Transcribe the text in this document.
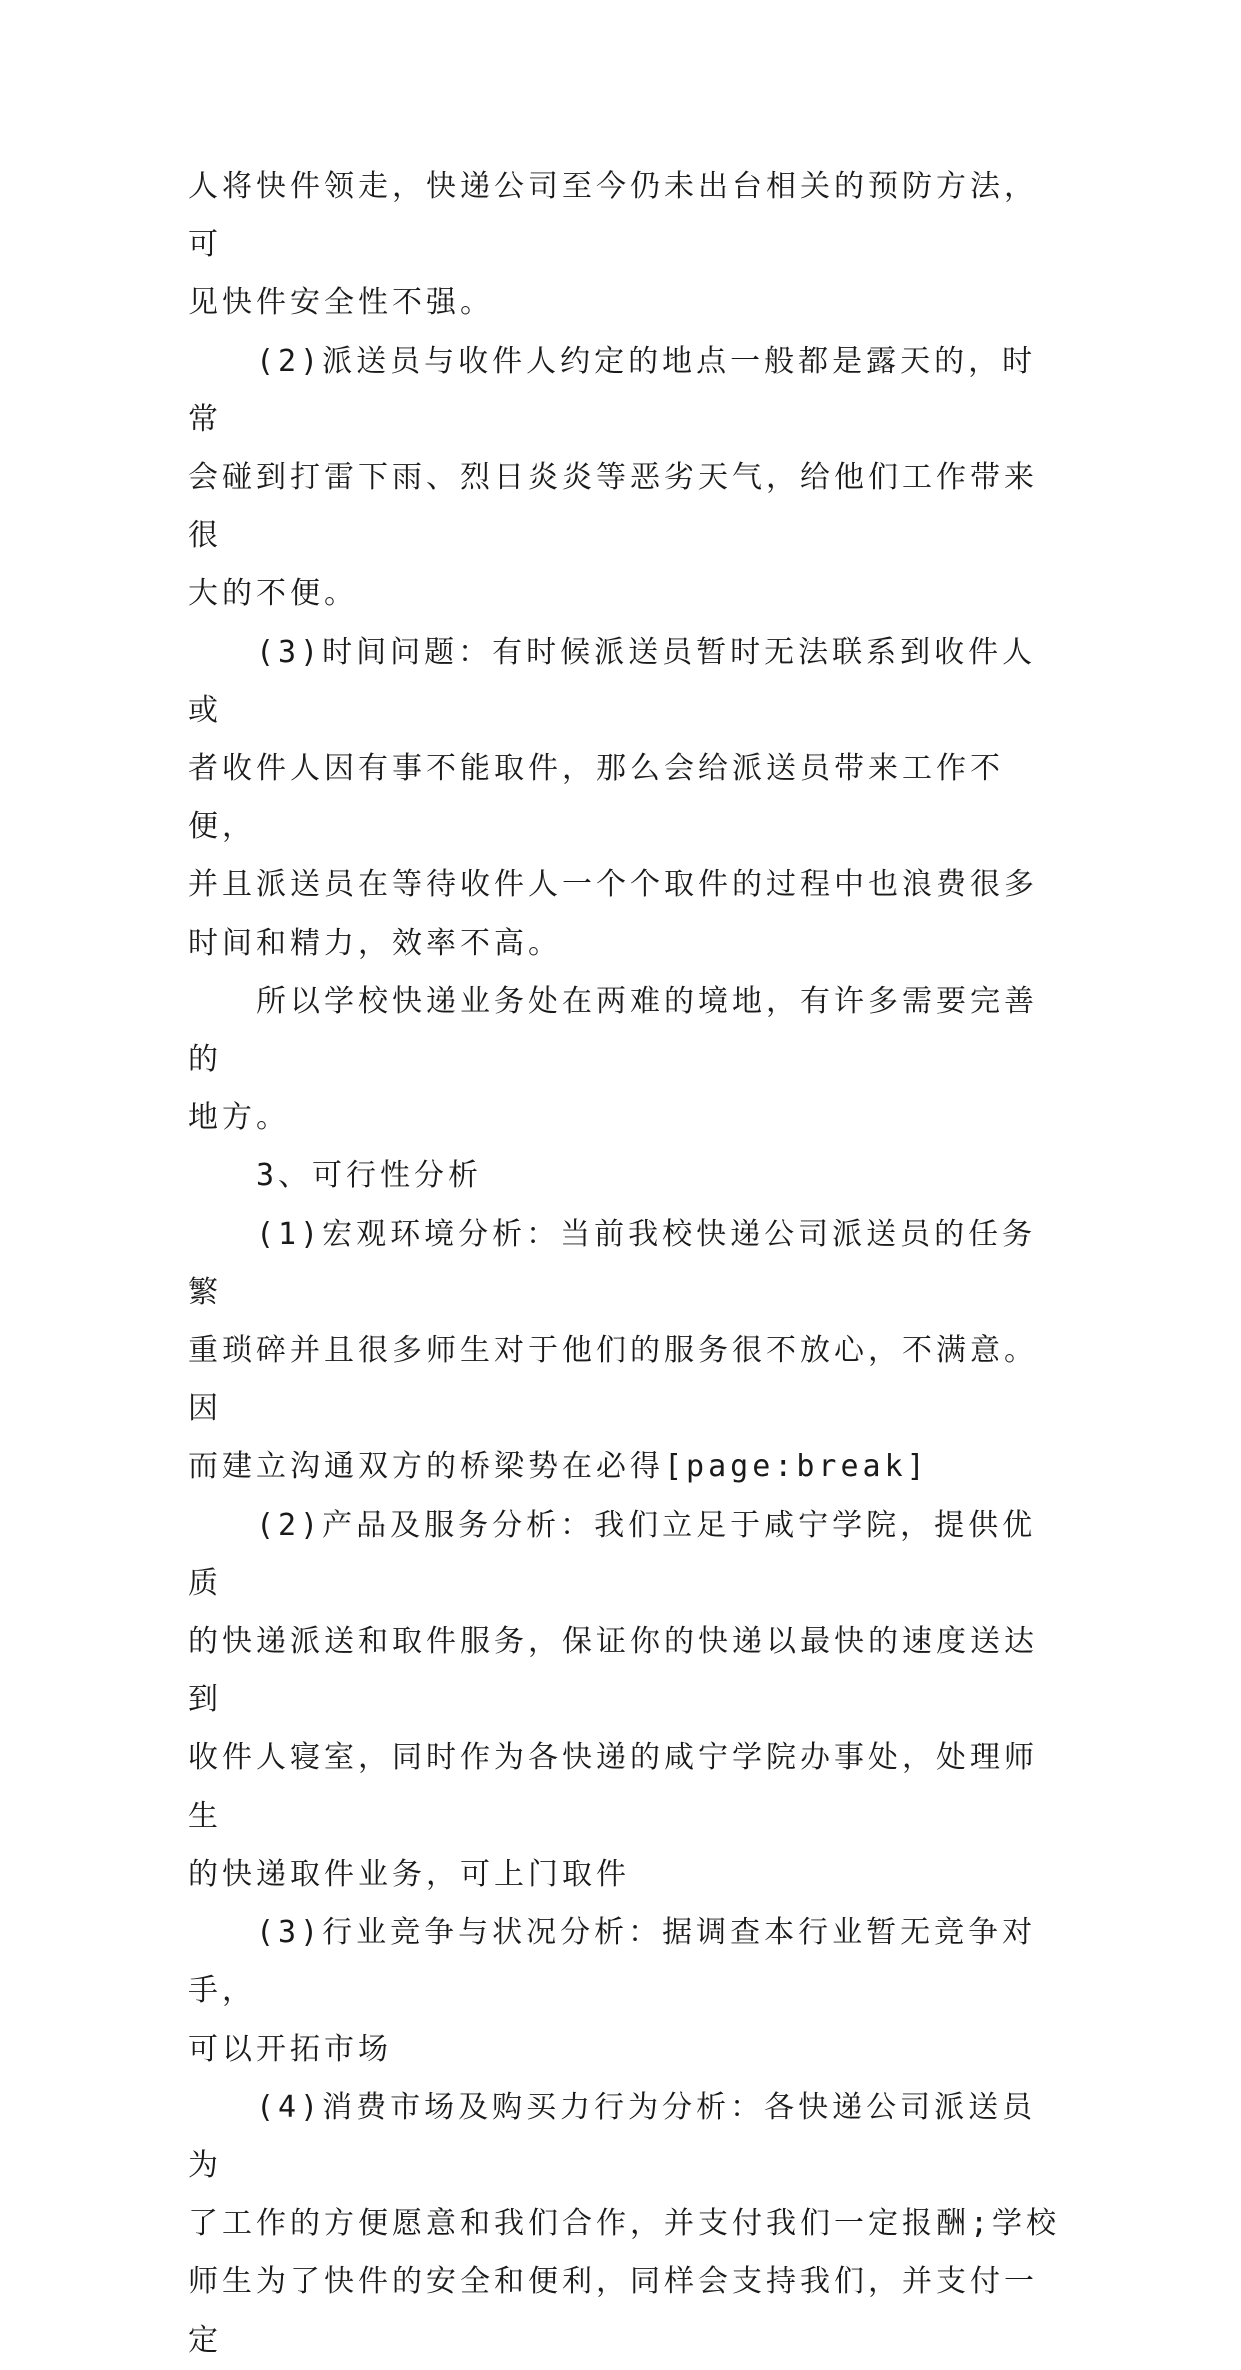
人将快件领走，快递公司至今仍未出台相关的预防方法，可
见快件安全性不强。

(2)派送员与收件人约定的地点一般都是露天的，时常
会碰到打雷下雨、烈日炎炎等恶劣天气，给他们工作带来很
大的不便。

(3)时间问题：有时候派送员暂时无法联系到收件人或
者收件人因有事不能取件，那么会给派送员带来工作不便，
并且派送员在等待收件人一个个取件的过程中也浪费很多
时间和精力，效率不高。

所以学校快递业务处在两难的境地，有许多需要完善的
地方。

3、可行性分析

(1)宏观环境分析：当前我校快递公司派送员的任务繁
重琐碎并且很多师生对于他们的服务很不放心，不满意。因
而建立沟通双方的桥梁势在必得[page:break]

(2)产品及服务分析：我们立足于咸宁学院，提供优质
的快递派送和取件服务，保证你的快递以最快的速度送达到
收件人寝室，同时作为各快递的咸宁学院办事处，处理师生
的快递取件业务，可上门取件

(3)行业竞争与状况分析：据调查本行业暂无竞争对手，
可以开拓市场

(4)消费市场及购买力行为分析：各快递公司派送员为
了工作的方便愿意和我们合作，并支付我们一定报酬;学校
师生为了快件的安全和便利，同样会支持我们，并支付一定
